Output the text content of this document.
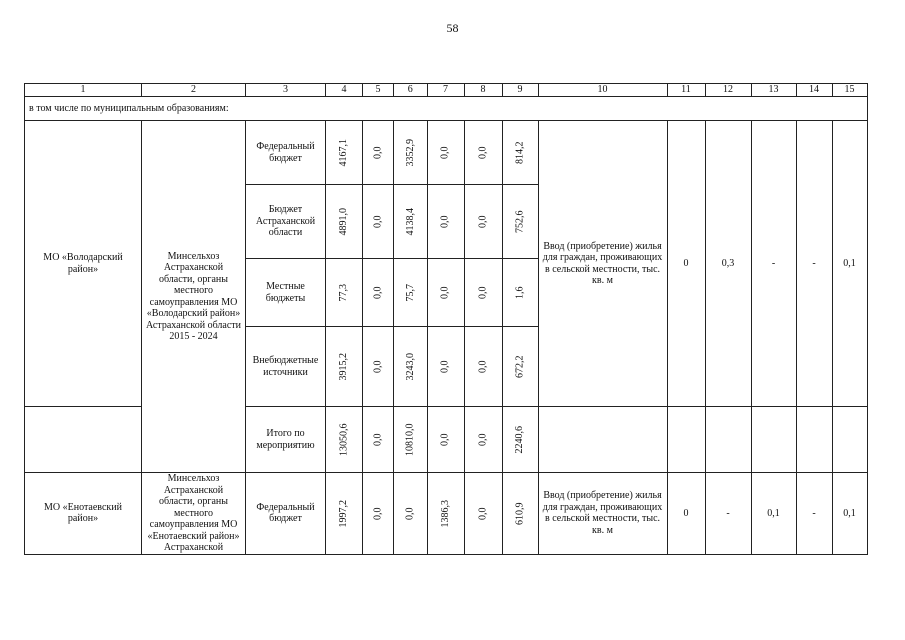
58
1	2	3	4	5	6	7	8	9	10	11	12	13	14	15
в том числе по муниципальным образованиям:														
МО «Володарский район»	Минсельхоз Астраханской области, органы местного самоуправления МО «Володарский район» Астраханской области 2015 - 2024	Федеральный бюджет	4167,1	0,0	3352,9	0,0	0,0	814,2	Ввод (приобретение) жилья для граждан, проживающих в сельской местности, тыс. кв. м	0	0,3	-	-	0,1
		Бюджет Астраханской области	4891,0	0,0	4138,4	0,0	0,0	752,6						
		Местные бюджеты	77,3	0,0	75,7	0,0	0,0	1,6						
		Внебюджетные источники	3915,2	0,0	3243,0	0,0	0,0	672,2						
		Итого по мероприятию	13050,6	0,0	10810,0	0,0	0,0	2240,6						
МО «Енотаевский район»	Минсельхоз Астраханской области, органы местного самоуправления МО «Енотаевский район» Астраханской	Федеральный бюджет	1997,2	0,0	0,0	1386,3	0,0	610,9	Ввод (приобретение) жилья для граждан, проживающих в сельской местности, тыс. кв. м	0	-	0,1	-	0,1
